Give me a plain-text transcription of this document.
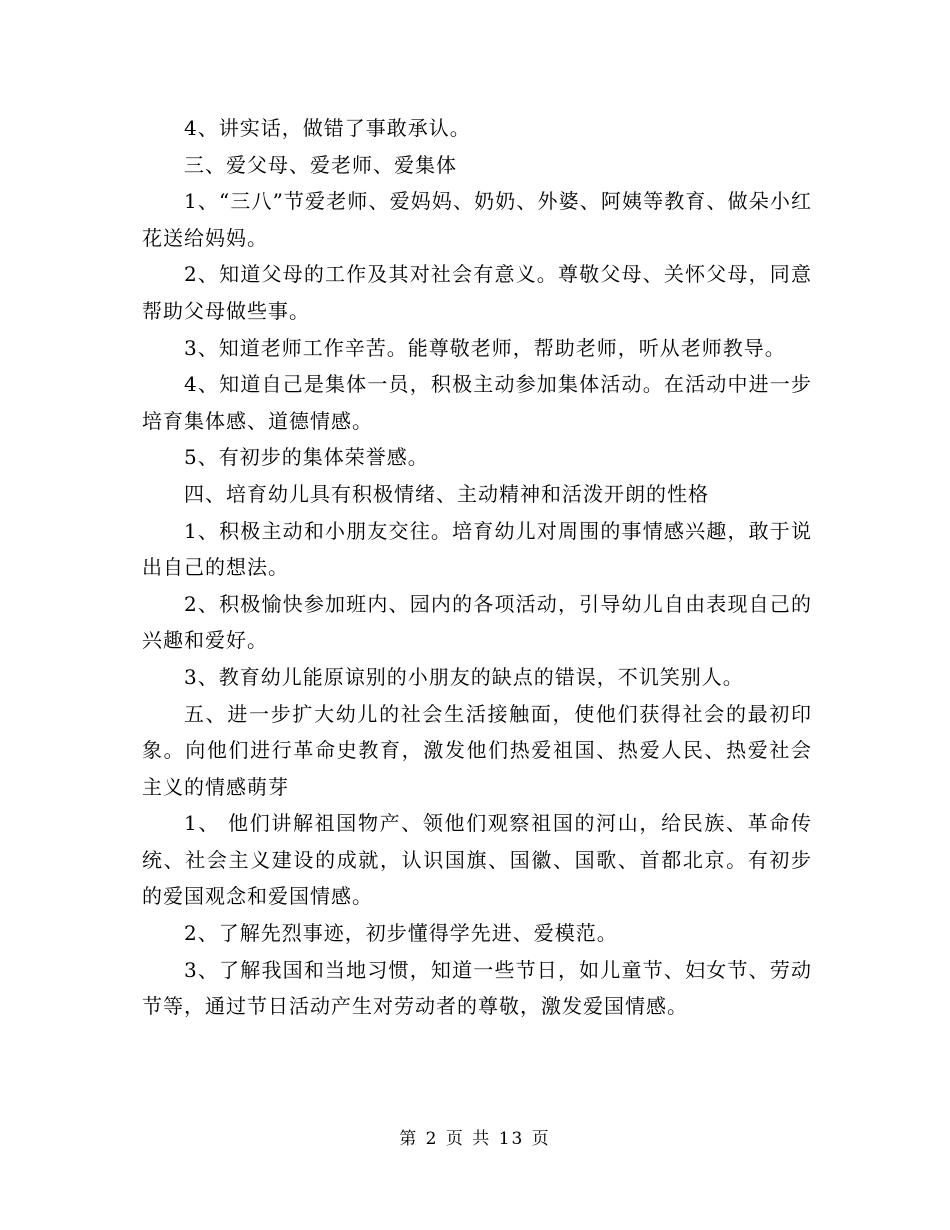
4、讲实话，做错了事敢承认。

三、爱父母、爱老师、爱集体

1、“三八”节爱老师、爱妈妈、奶奶、外婆、阿姨等教育、做朵小红花送给妈妈。

2、知道父母的工作及其对社会有意义。尊敬父母、关怀父母，同意帮助父母做些事。

3、知道老师工作辛苦。能尊敬老师，帮助老师，听从老师教导。

4、知道自己是集体一员，积极主动参加集体活动。在活动中进一步培育集体感、道德情感。

5、有初步的集体荣誉感。

四、培育幼儿具有积极情绪、主动精神和活泼开朗的性格

1、积极主动和小朋友交往。培育幼儿对周围的事情感兴趣，敢于说出自己的想法。

2、积极愉快参加班内、园内的各项活动，引导幼儿自由表现自己的兴趣和爱好。

3、教育幼儿能原谅别的小朋友的缺点的错误，不讥笑别人。

五、进一步扩大幼儿的社会生活接触面，使他们获得社会的最初印象。向他们进行革命史教育，激发他们热爱祖国、热爱人民、热爱社会主义的情感萌芽

1、 他们讲解祖国物产、领他们观察祖国的河山，给民族、革命传统、社会主义建设的成就，认识国旗、国徽、国歌、首都北京。有初步的爱国观念和爱国情感。

2、了解先烈事迹，初步懂得学先进、爱模范。

3、了解我国和当地习惯，知道一些节日，如儿童节、妇女节、劳动节等，通过节日活动产生对劳动者的尊敬，激发爱国情感。

第 2 页 共 13 页
